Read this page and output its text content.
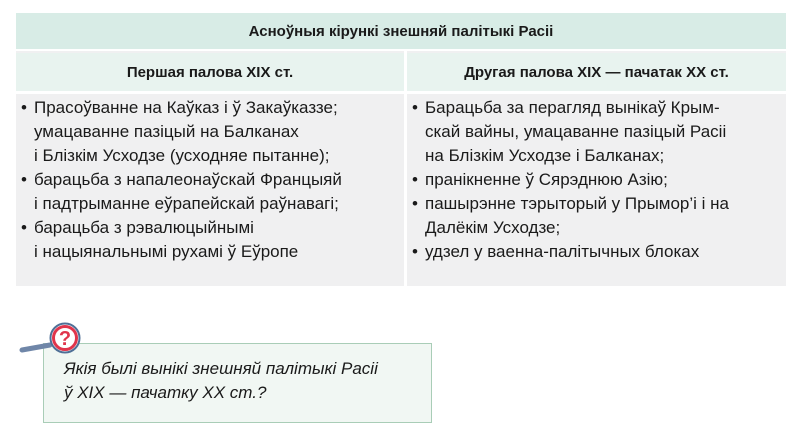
Асноўныя кірункі знешняй палітыкі Расіі
Першая палова XIX ст.	Другая палова XIX — пачатак XX ст.
• Прасоўванне на Каўказ і ў Закаўказзе;
умацаванне пазіцый на Балканах
і Блізкім Усходзе (усходняе пытанне);
• барацьба з напалеонаўскай Францыяй
і падтрыманне еўрапейскай раўнавагі;
• барацьба з рэвалюцыйнымі
і нацыянальнымі рухамі ў Еўропе
• Барацьба за перагляд вынікаў Крым-
скай вайны, умацаванне пазіцый Расіі
на Блізкім Усходзе і Балканах;
• пранікненне ў Сярэднюю Азію;
• пашырэнне тэрыторый у Прымор’і і на
Далёкім Усходзе;
• удзел у ваенна-палітычных блоках
Якія былі вынікі знешняй палітыкі Расіі
ў XIX — пачатку XX ст.?
?
